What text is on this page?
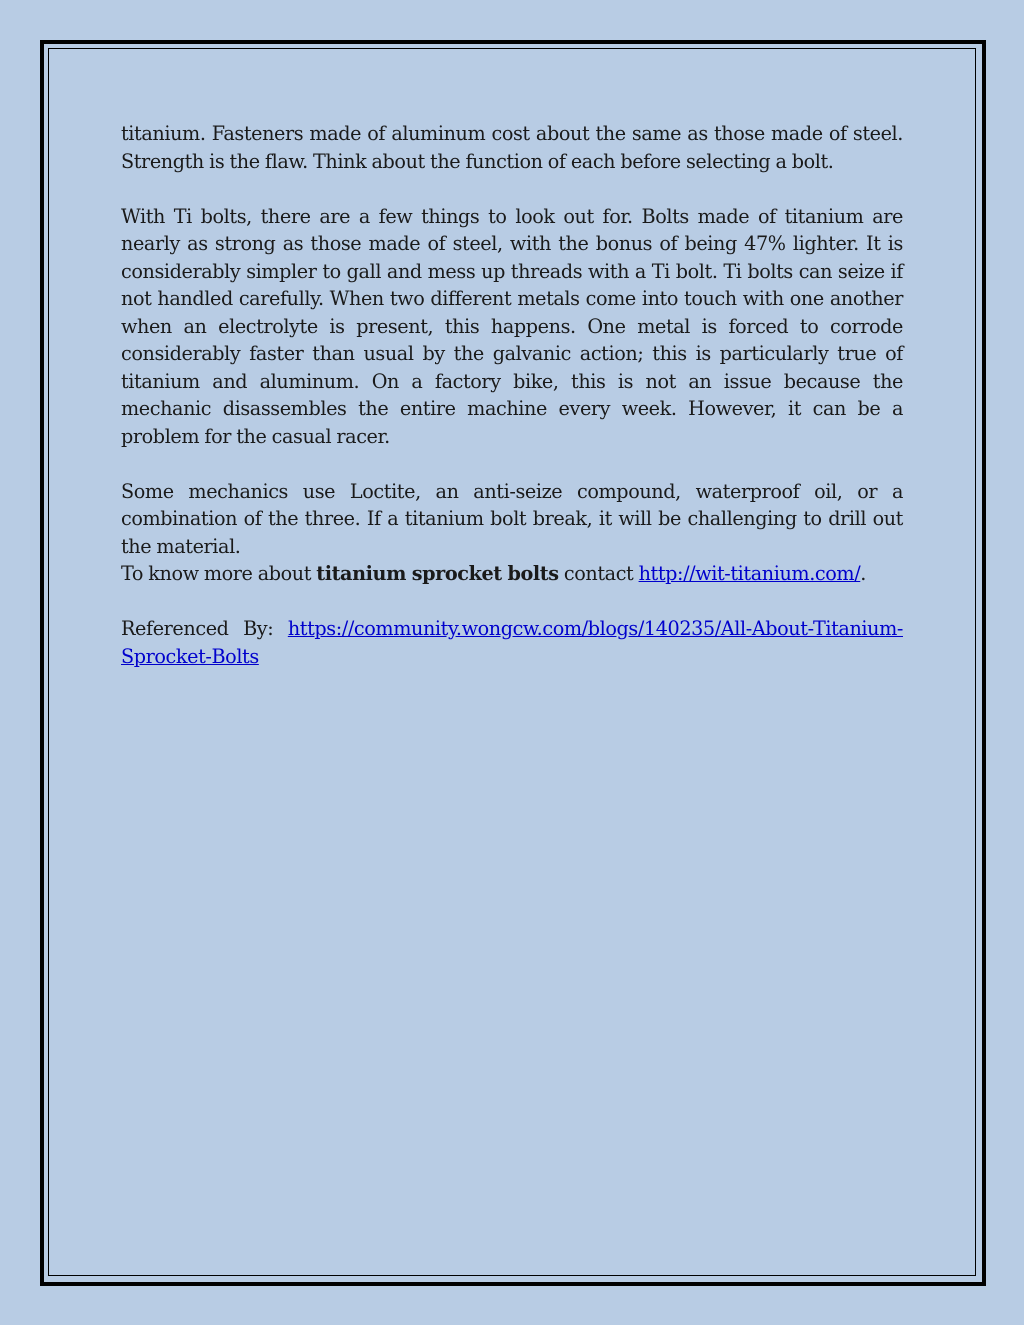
titanium. Fasteners made of aluminum cost about the same as those made of steel. Strength is the flaw. Think about the function of each before selecting a bolt.

With Ti bolts, there are a few things to look out for. Bolts made of titanium are nearly as strong as those made of steel, with the bonus of being 47% lighter. It is considerably simpler to gall and mess up threads with a Ti bolt. Ti bolts can seize if not handled carefully. When two different metals come into touch with one another when an electrolyte is present, this happens. One metal is forced to corrode considerably faster than usual by the galvanic action; this is particularly true of titanium and aluminum. On a factory bike, this is not an issue because the mechanic disassembles the entire machine every week. However, it can be a problem for the casual racer.

Some mechanics use Loctite, an anti-seize compound, waterproof oil, or a combination of the three. If a titanium bolt break, it will be challenging to drill out the material.

To know more about titanium sprocket bolts contact http://wit-titanium.com/.

Referenced By: https://community.wongcw.com/blogs/140235/All-About-Titanium-Sprocket-Bolts
